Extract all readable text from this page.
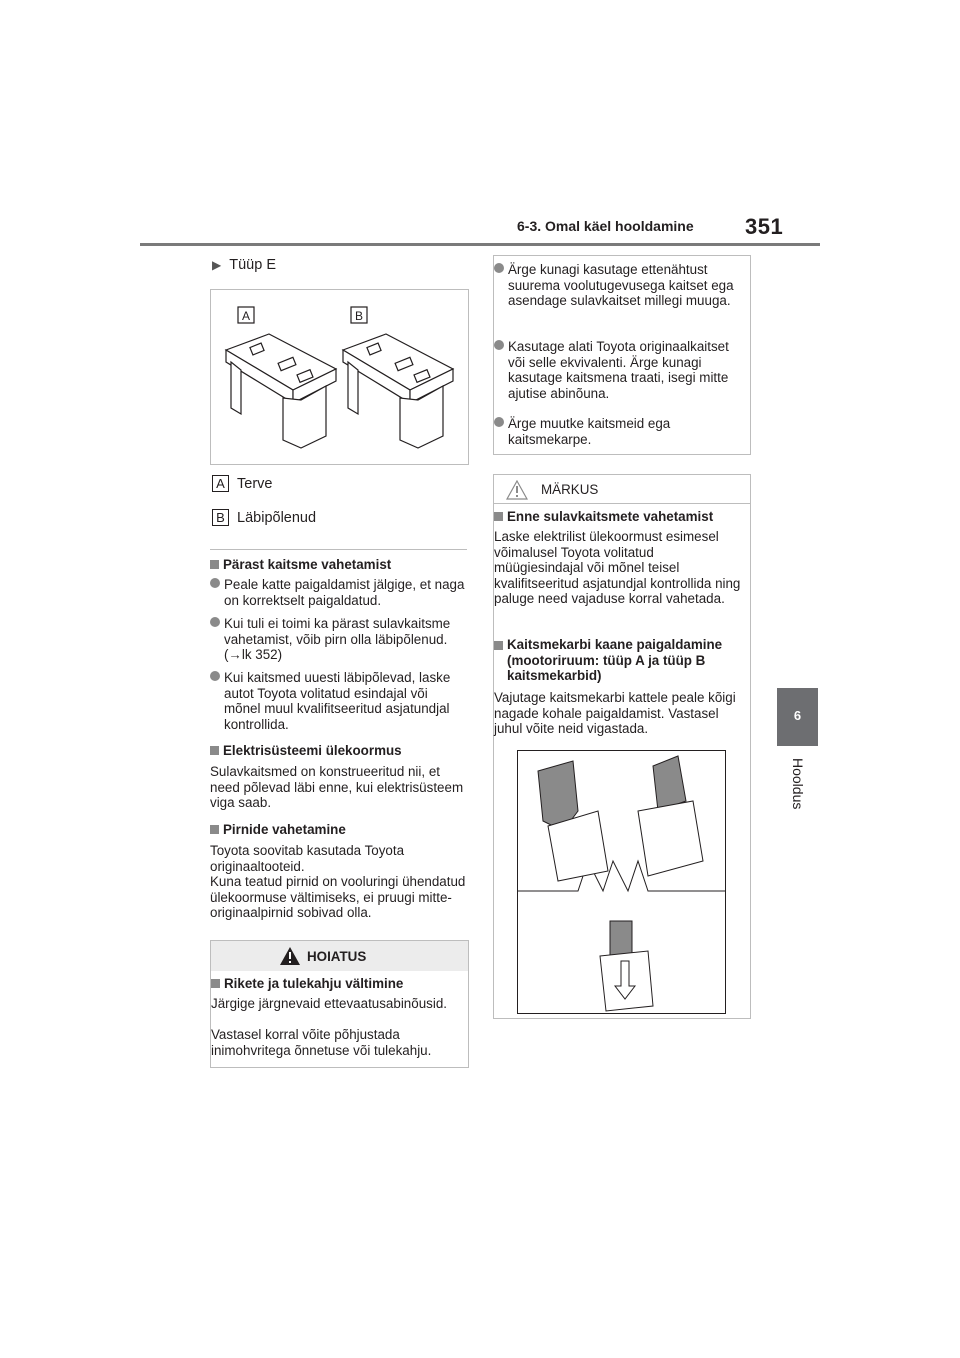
6-3. Omal käel hooldamine 351
6
Hooldus
▶ Tüüp E
A	B
A Terve
B Läbipõlenud
Pärast kaitsme vahetamist
Peale katte paigaldamist jälgige, et naga on korrektselt paigaldatud.
Kui tuli ei toimi ka pärast sulavkaitsme vahetamist, võib pirn olla läbipõlenud. (→lk 352)
Kui kaitsmed uuesti läbipõlevad, laske autot Toyota volitatud esindajal või mõnel muul kvalifitseeritud asjatundjal kontrollida.
Elektrisüsteemi ülekoormus
Sulavkaitsmed on konstrueeritud nii, et need põlevad läbi enne, kui elektrisüsteem viga saab.
Pirnide vahetamine
Toyota soovitab kasutada Toyota originaaltooteid.
Kuna teatud pirnid on vooluringi ühendatud ülekoormuse vältimiseks, ei pruugi mitte-originaalpirnid sobivad olla.
HOIATUS
Rikete ja tulekahju vältimine
Järgige järgnevaid ettevaatusabinõusid.
Vastasel korral võite põhjustada inimohvritega õnnetuse või tulekahju.
Ärge kunagi kasutage ettenähtust suurema voolutugevusega kaitset ega asendage sulavkaitset millegi muuga.
Kasutage alati Toyota originaalkaitset või selle ekvivalenti. Ärge kunagi kasutage kaitsmena traati, isegi mitte ajutise abinõuna.
Ärge muutke kaitsmeid ega kaitsmekarpe.
MÄRKUS
Enne sulavkaitsmete vahetamist
Laske elektrilist ülekoormust esimesel võimalusel Toyota volitatud müügiesindajal või mõnel teisel kvalifitseeritud asjatundjal kontrollida ning paluge need vajaduse korral vahetada.
Kaitsmekarbi kaane paigaldamine (mootoriruum: tüüp A ja tüüp B kaitsmekarbid)
Vajutage kaitsmekarbi kattele peale kõigi nagade kohale paigaldamist. Vastasel juhul võite neid vigastada.
